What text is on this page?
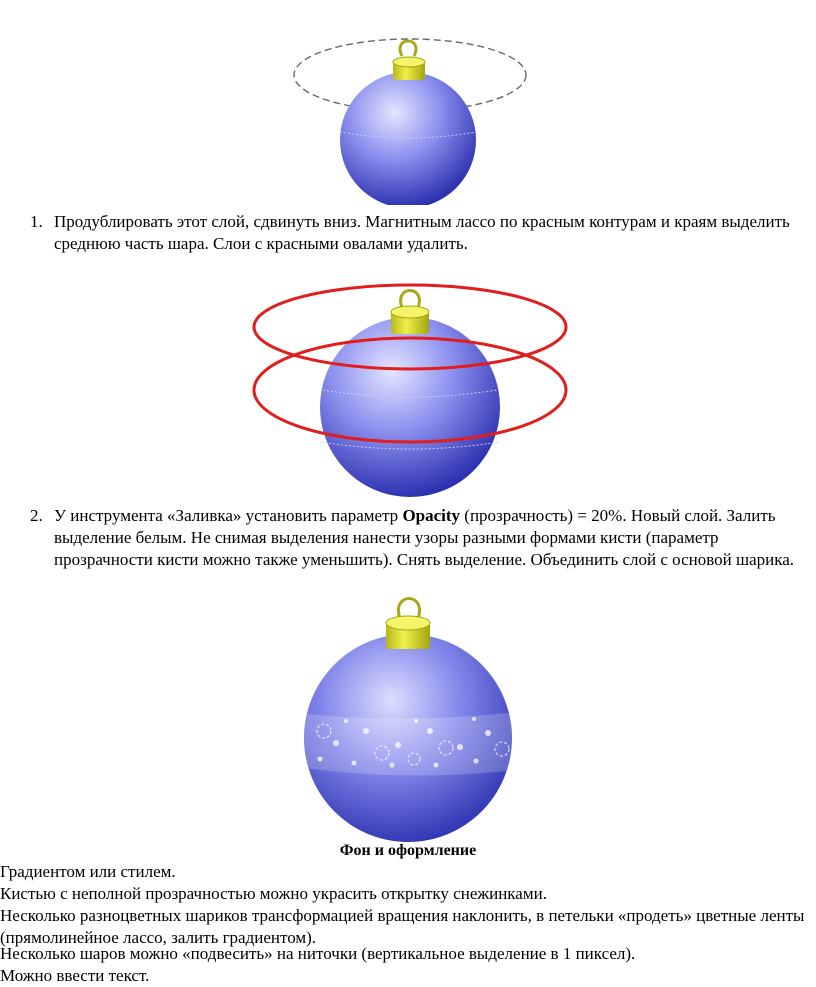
1. Продублировать этот слой, сдвинуть вниз. Магнитным лассо по красным контурам и краям выделить среднюю часть шара. Слои с красными овалами удалить.
2. У инструмента «Заливка» установить параметр Opacity (прозрачность) = 20%. Новый слой. Залить выделение белым. Не снимая выделения нанести узоры разными формами кисти (параметр прозрачности кисти можно также уменьшить). Снять выделение. Объединить слой с основой шарика.
Фон и оформление

Градиентом или стилем.

Кистью с неполной прозрачностью можно украсить открытку снежинками.

Несколько разноцветных шариков трансформацией вращения наклонить, в петельки «продеть» цветные ленты (прямолинейное лассо, залить градиентом).

Несколько шаров можно «подвесить» на ниточки (вертикальное выделение в 1 пиксел).

Можно ввести текст.
